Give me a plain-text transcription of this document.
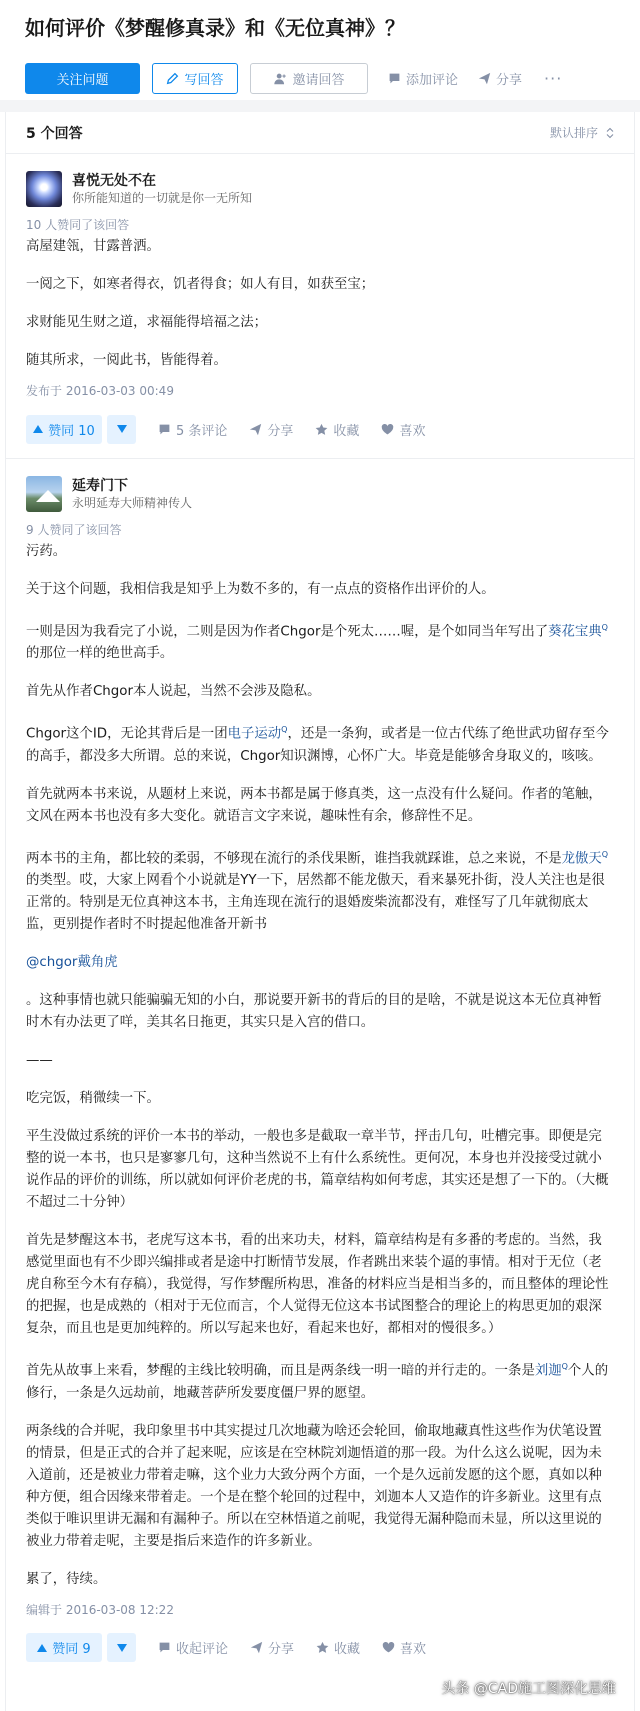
如何评价《梦醒修真录》和《无位真神》？
关注问题	写回答	邀请回答	添加评论	分享 ···
5 个回答	默认排序
喜悦无处不在
你所能知道的一切就是你一无所知
10 人赞同了该回答

高屋建瓴，甘露普洒。

一阅之下，如寒者得衣，饥者得食；如人有目，如获至宝；

求财能见生财之道，求福能得培福之法；

随其所求，一阅此书，皆能得着。

发布于 2016-03-03 00:49
赞同 10	5 条评论	分享	收藏	喜欢
延寿门下
永明延寿大师精神传人
9 人赞同了该回答

污药。

关于这个问题，我相信我是知乎上为数不多的，有一点点的资格作出评价的人。

一则是因为我看完了小说，二则是因为作者Chgor是个死太……喔，是个如同当年写出了葵花宝典$^Q$的那位一样的绝世高手。

首先从作者Chgor本人说起，当然不会涉及隐私。

Chgor这个ID，无论其背后是一团电子运动$^Q$，还是一条狗，或者是一位古代练了绝世武功留存至今的高手，都没多大所谓。总的来说，Chgor知识渊博，心怀广大。毕竟是能够舍身取义的，咳咳。

首先就两本书来说，从题材上来说，两本书都是属于修真类，这一点没有什么疑问。作者的笔触，文风在两本书也没有多大变化。就语言文字来说，趣味性有余，修辞性不足。

两本书的主角，都比较的柔弱，不够现在流行的杀伐果断，谁挡我就踩谁，总之来说，不是龙傲天$^Q$的类型。哎，大家上网看个小说就是YY一下，居然都不能龙傲天，看来暴死扑街，没人关注也是很正常的。特别是无位真神这本书，主角连现在流行的退婚废柴流都没有，难怪写了几年就彻底太监，更别提作者时不时提起他准备开新书

@chgor戴角虎

。这种事情也就只能骗骗无知的小白，那说要开新书的背后的目的是啥，不就是说这本无位真神暂时木有办法更了咩，美其名日拖更，其实只是入宫的借口。

——

吃完饭，稍微续一下。

平生没做过系统的评价一本书的举动，一般也多是截取一章半节，抨击几句，吐槽完事。即便是完整的说一本书，也只是寥寥几句，这种当然说不上有什么系统性。更何况，本身也并没接受过就小说作品的评价的训练，所以就如何评价老虎的书，篇章结构如何考虑，其实还是想了一下的。（大概不超过二十分钟）

首先是梦醒这本书，老虎写这本书，看的出来功夫，材料，篇章结构是有多番的考虑的。当然，我感觉里面也有不少即兴编排或者是途中打断情节发展，作者跳出来装个逼的事情。相对于无位（老虎自称至今木有存稿），我觉得，写作梦醒所构思，准备的材料应当是相当多的，而且整体的理论性的把握，也是成熟的（相对于无位而言，个人觉得无位这本书试图整合的理论上的构思更加的艰深复杂，而且也是更加纯粹的。所以写起来也好，看起来也好，都相对的慢很多。）

首先从故事上来看，梦醒的主线比较明确，而且是两条线一明一暗的并行走的。一条是刘迦$^Q$个人的修行，一条是久远劫前，地藏菩萨所发要度僵尸界的愿望。

两条线的合并呢，我印象里书中其实提过几次地藏为啥还会轮回，偷取地藏真性这些作为伏笔设置的情景，但是正式的合并了起来呢，应该是在空林院刘迦悟道的那一段。为什么这么说呢，因为未入道前，还是被业力带着走嘛，这个业力大致分两个方面，一个是久远前发愿的这个愿，真如以种种方便，组合因缘来带着走。一个是在整个轮回的过程中，刘迦本人又造作的许多新业。这里有点类似于唯识里讲无漏和有漏种子。所以在空林悟道之前呢，我觉得无漏种隐而未显，所以这里说的被业力带着走呢，主要是指后来造作的许多新业。

累了，待续。

编辑于 2016-03-08 12:22
赞同 9	收起评论	分享	收藏	喜欢
头条 @CAD施工图深化思维
